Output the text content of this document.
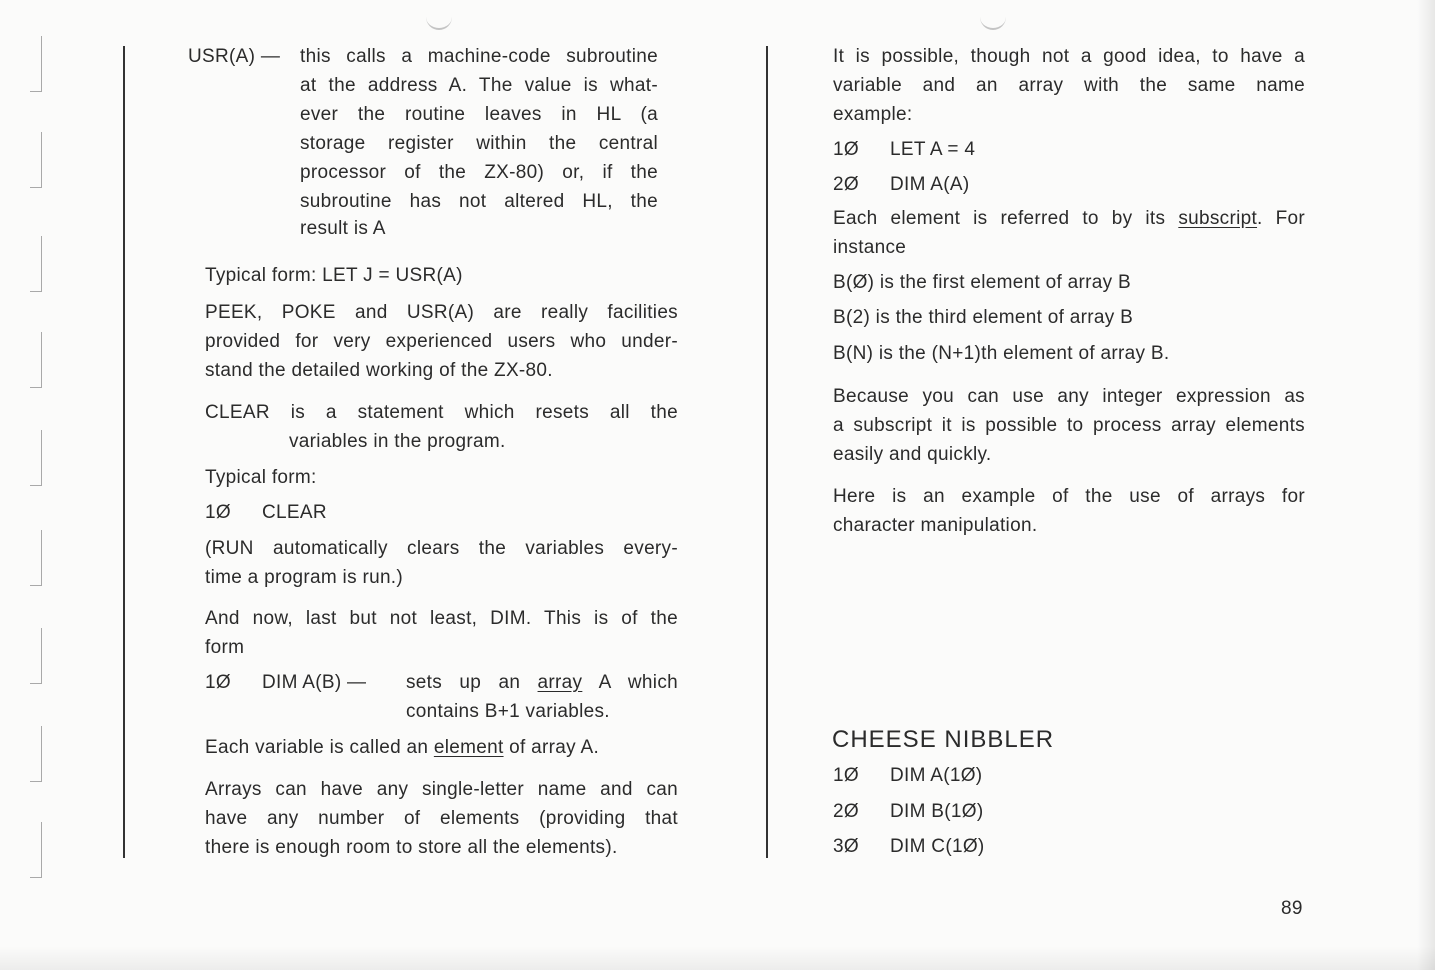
USR(A) — this calls a machine-code subroutine
at the address A. The value is what-
ever the routine leaves in HL (a
storage register within the central
processor of the ZX-80) or, if the
subroutine has not altered HL, the
result is A
Typical form: LET J = USR(A)
PEEK, POKE and USR(A) are really facilities
provided for very experienced users who under-
stand the detailed working of the ZX-80.
CLEAR is a statement which resets all the
variables in the program.
Typical form:
1Ø CLEAR
(RUN automatically clears the variables every-
time a program is run.)
And now, last but not least, DIM. This is of the
form
1Ø DIM A(B) — sets up an array A which
contains B+1 variables.
Each variable is called an element of array A.
Arrays can have any single-letter name and can
have any number of elements (providing that
there is enough room to store all the elements).
It is possible, though not a good idea, to have a
variable and an array with the same name
example:
1Ø LET A = 4
2Ø DIM A(A)
Each element is referred to by its subscript. For
instance
B(Ø) is the first element of array B
B(2) is the third element of array B
B(N) is the (N+1)th element of array B.
Because you can use any integer expression as
a subscript it is possible to process array elements
easily and quickly.
Here is an example of the use of arrays for
character manipulation.
CHEESE NIBBLER
1Ø DIM A(1Ø)
2Ø DIM B(1Ø)
3Ø DIM C(1Ø)
89
